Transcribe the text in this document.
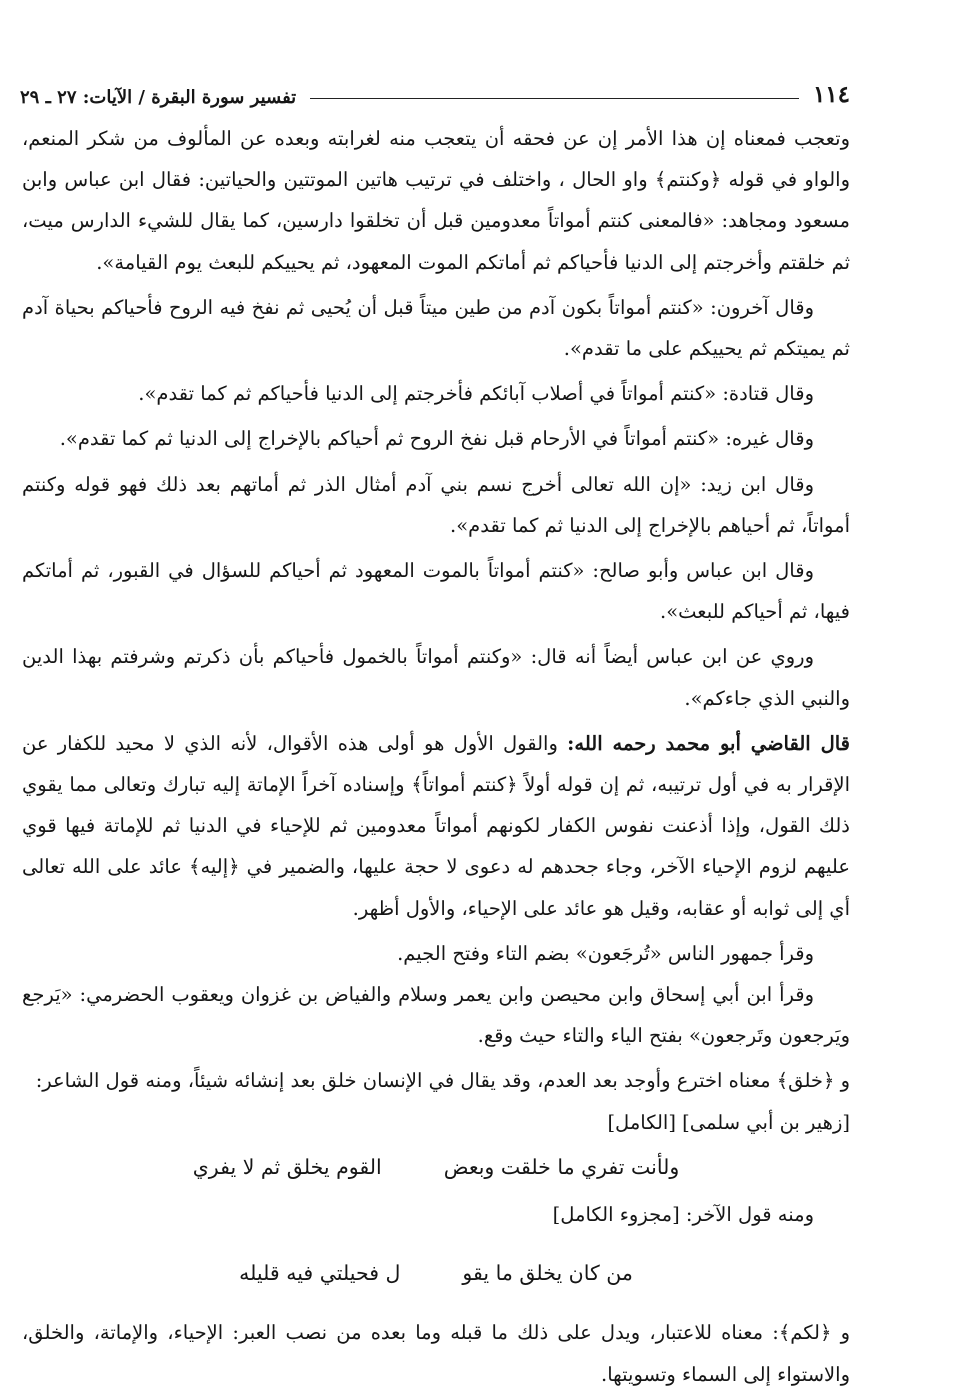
١١٤
تفسير سورة البقرة / الآيات: ٢٧ ـ ٢٩

وتعجب فمعناه إن هذا الأمر إن عن فحقه أن يتعجب منه لغرابته وبعده عن المألوف من شكر المنعم، والواو في قوله ﴿وكنتم﴾ واو الحال ، واختلف في ترتيب هاتين الموتتين والحياتين: فقال ابن عباس وابن مسعود ومجاهد: «فالمعنى كنتم أمواتاً معدومين قبل أن تخلقوا دارسين، كما يقال للشيء الدارس ميت، ثم خلقتم وأخرجتم إلى الدنيا فأحياكم ثم أماتكم الموت المعهود، ثم يحييكم للبعث يوم القيامة».

وقال آخرون: «كنتم أمواتاً بكون آدم من طين ميتاً قبل أن يُحيى ثم نفخ فيه الروح فأحياكم بحياة آدم ثم يميتكم ثم يحييكم على ما تقدم».

وقال قتادة: «كنتم أمواتاً في أصلاب آبائكم فأخرجتم إلى الدنيا فأحياكم ثم كما تقدم».

وقال غيره: «كنتم أمواتاً في الأرحام قبل نفخ الروح ثم أحياكم بالإخراج إلى الدنيا ثم كما تقدم».

وقال ابن زيد: «إن الله تعالى أخرج نسم بني آدم أمثال الذر ثم أماتهم بعد ذلك فهو قوله وكنتم أمواتاً، ثم أحياهم بالإخراج إلى الدنيا ثم كما تقدم».

وقال ابن عباس وأبو صالح: «كنتم أمواتاً بالموت المعهود ثم أحياكم للسؤال في القبور، ثم أماتكم فيها، ثم أحياكم للبعث».

وروي عن ابن عباس أيضاً أنه قال: «وكنتم أمواتاً بالخمول فأحياكم بأن ذكرتم وشرفتم بهذا الدين والنبي الذي جاءكم».

قال القاضي أبو محمد رحمه الله: والقول الأول هو أولى هذه الأقوال، لأنه الذي لا محيد للكفار عن الإقرار به في أول ترتيبه، ثم إن قوله أولاً ﴿كنتم أمواتاً﴾ وإسناده آخراً الإماتة إليه تبارك وتعالى مما يقوي ذلك القول، وإذا أذعنت نفوس الكفار لكونهم أمواتاً معدومين ثم للإحياء في الدنيا ثم للإماتة فيها قوي عليهم لزوم الإحياء الآخر، وجاء جحدهم له دعوى لا حجة عليها، والضمير في ﴿إليه﴾ عائد على الله تعالى أي إلى ثوابه أو عقابه، وقيل هو عائد على الإحياء، والأول أظهر.

وقرأ جمهور الناس «تُرجَعون» بضم التاء وفتح الجيم.

وقرأ ابن أبي إسحاق وابن محيصن وابن يعمر وسلام والفياض بن غزوان ويعقوب الحضرمي: «يَرجع ويَرجعون وتَرجعون» بفتح الياء والتاء حيث وقع.

و ﴿خلق﴾ معناه اخترع وأوجد بعد العدم، وقد يقال في الإنسان خلق بعد إنشائه شيئاً، ومنه قول الشاعر:

[زهير بن أبي سلمى] [الكامل]

ولأنت تفري ما خلقت وبعض
القوم يخلق ثم لا يفري

ومنه قول الآخر: [مجزوء الكامل]

من كان يخلق ما يقو
ل فحيلتي فيه قليله

و ﴿لكم﴾: معناه للاعتبار، ويدل على ذلك ما قبله وما بعده من نصب العبر: الإحياء، والإماتة، والخلق، والاستواء إلى السماء وتسويتها.
